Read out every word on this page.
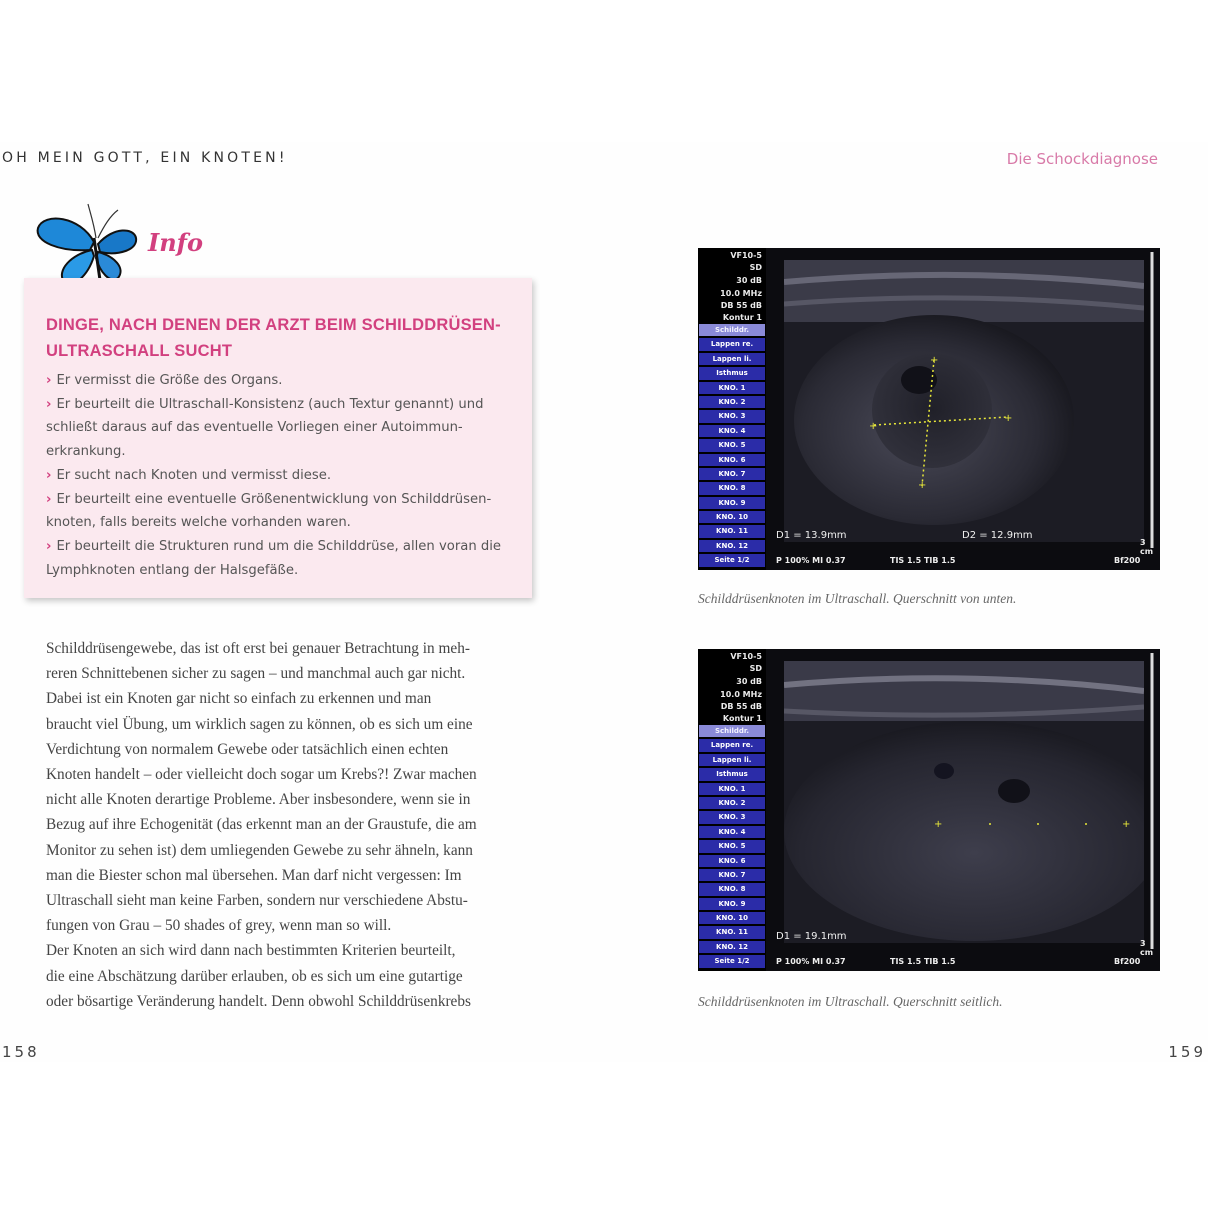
OH MEIN GOTT, EIN KNOTEN!	Die Schockdiagnose
Info
DINGE, NACH DENEN DER ARZT BEIM SCHILDDRÜSEN-
ULTRASCHALL SUCHT
› Er vermisst die Größe des Organs.
› Er beurteilt die Ultraschall-Konsistenz (auch Textur genannt) und
schließt daraus auf das eventuelle Vorliegen einer Autoimmun-
erkrankung.
› Er sucht nach Knoten und vermisst diese.
› Er beurteilt eine eventuelle Größenentwicklung von Schilddrüsen-
knoten, falls bereits welche vorhanden waren.
› Er beurteilt die Strukturen rund um die Schilddrüse, allen voran die
Lymphknoten entlang der Halsgefäße.

Schilddrüsengewebe, das ist oft erst bei genauer Betrachtung in meh-

reren Schnittebenen sicher zu sagen – und manchmal auch gar nicht.

Dabei ist ein Knoten gar nicht so einfach zu erkennen und man

braucht viel Übung, um wirklich sagen zu können, ob es sich um eine

Verdichtung von normalem Gewebe oder tatsächlich einen echten

Knoten handelt – oder vielleicht doch sogar um Krebs?! Zwar machen

nicht alle Knoten derartige Probleme. Aber insbesondere, wenn sie in

Bezug auf ihre Echogenität (das erkennt man an der Graustufe, die am

Monitor zu sehen ist) dem umliegenden Gewebe zu sehr ähneln, kann

man die Biester schon mal übersehen. Man darf nicht vergessen: Im

Ultraschall sieht man keine Farben, sondern nur verschiedene Abstu-

fungen von Grau – 50 shades of grey, wenn man so will.

Der Knoten an sich wird dann nach bestimmten Kriterien beurteilt,

die eine Abschätzung darüber erlauben, ob es sich um eine gutartige

oder bösartige Veränderung handelt. Denn obwohl Schilddrüsenkrebs

158	159
+
+
+
+
VF10-5
SD
30 dB
10.0 MHz
DB 55 dB
Kontur 1
Schilddr.
Lappen re.
Lappen li.
Isthmus
KNO. 1
KNO. 2
KNO. 3
KNO. 4
KNO. 5
KNO. 6
KNO. 7
KNO. 8
KNO. 9
KNO. 10
KNO. 11
KNO. 12
Seite 1/2
D1 = 13.9mm	D2 = 12.9mm
P 100% MI 0.37	TIS 1.5 TIB 1.5	Bf200
3 cm
Schilddrüsenknoten im Ultraschall. Querschnitt von unten.
+	+
VF10-5
SD
30 dB
10.0 MHz
DB 55 dB
Kontur 1
Schilddr.
Lappen re.
Lappen li.
Isthmus
KNO. 1
KNO. 2
KNO. 3
KNO. 4
KNO. 5
KNO. 6
KNO. 7
KNO. 8
KNO. 9
KNO. 10
KNO. 11
KNO. 12
Seite 1/2
D1 = 19.1mm
P 100% MI 0.37	TIS 1.5 TIB 1.5	Bf200
3 cm
Schilddrüsenknoten im Ultraschall. Querschnitt seitlich.
